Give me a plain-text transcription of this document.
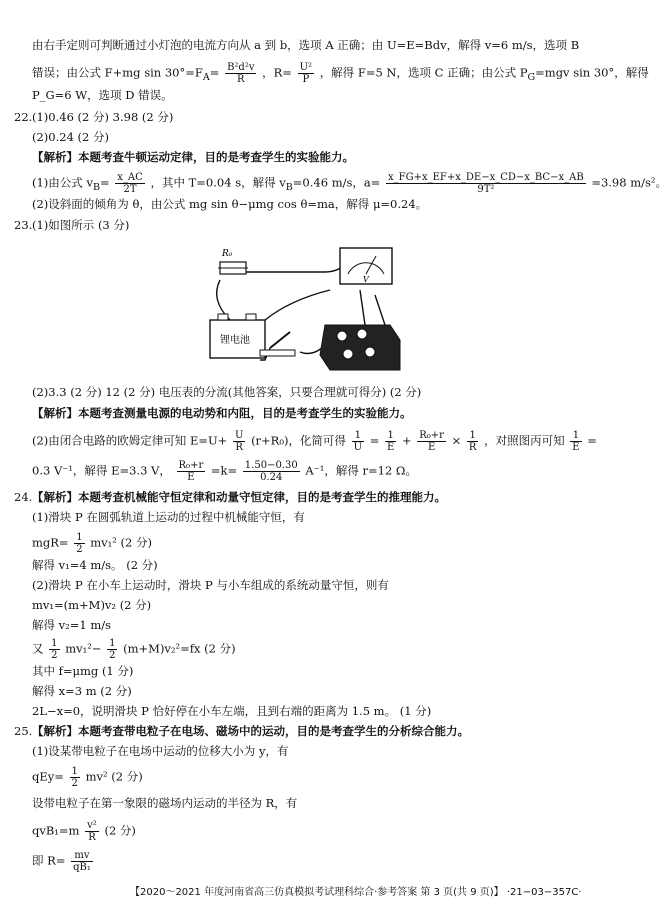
由右手定则可判断通过小灯泡的电流方向从 a 到 b，选项 A 正确；由 U=E=Bdv，解得 v=6 m/s，选项 B
错误；由公式 F+mg $\sin 30^\circ=F_A= \frac{\text{B²d²v}}{R}$ ，$R= \frac{\text{U²}}{P}$ ，解得 F=5 N，选项 C 正确；由公式 $P_G=mgv$ sin 30°，解得
P_G=6 W，选项 D 错误。
22. (1)0.46 (2 分) 3.98 (2 分)
(2)0.24 (2 分)
【解析】本题考查牛顿运动定律，目的是考查学生的实验能力。
(1)由公式 $v_B= \frac{x\_AC}{2T}$ ，其中 T=0.04 s，解得 $v_B=0.46$ m/s，$a= \frac{x\_FG+x\_EF+x\_DE-x\_CD-x\_BC-x\_AB}{\text{9T²}} =3.98$ m/s²。
(2)设斜面的倾角为 θ，由公式 mg sin θ−μmg cos θ=ma，解得 μ=0.24。
23. (1)如图所示 (3 分)
R₀
锂电池
V
(2)3.3 (2 分) 12 (2 分) 电压表的分流(其他答案，只要合理就可得分) (2 分)
【解析】本题考查测量电源的电动势和内阻，目的是考查学生的实验能力。
(2)由闭合电路的欧姆定律可知 $E=U+ \frac{U}{R} (r+R_0)$，化简可得 $\frac{1}{U} = \frac{1}{E} + \frac{\text{R₀+r}}{E} \times \frac{1}{R}$ ，对照图丙可知 $\frac{1}{E}$ =
0.3 V⁻¹，解得 E=3.3 V， $\frac{\text{R₀+r}}{E} =k= \frac{1.50-0.30}{0.24} A^{-1}$，解得 r=12 Ω。
24. 【解析】本题考查机械能守恒定律和动量守恒定律，目的是考查学生的推理能力。
(1)滑块 P 在圆弧轨道上运动的过程中机械能守恒，有
$mgR= \frac{1}{2} mv_1^2$ (2 分)
解得 v₁=4 m/s。 (2 分)
(2)滑块 P 在小车上运动时，滑块 P 与小车组成的系统动量守恒，则有
mv₁=(m+M)v₂ (2 分)
解得 v₂=1 m/s
又 $\frac{1}{2} mv_1^2- \frac{1}{2} (m+M)v_2^2=fx$ (2 分)
其中 f=μmg (1 分)
解得 x=3 m (2 分)
2L−x=0，说明滑块 P 恰好停在小车左端，且到右端的距离为 1.5 m。 (1 分)
25. 【解析】本题考查带电粒子在电场、磁场中的运动，目的是考查学生的分析综合能力。
(1)设某带电粒子在电场中运动的位移大小为 y，有
$qEy= \frac{1}{2} mv^2$ (2 分)
设带电粒子在第一象限的磁场内运动的半径为 R，有
$qvB_1=m \frac{\text{v²}}{R} (2$ 分)
即 $R= \frac{mv}{\text{qB₁}}$
【2020～2021 年度河南省高三仿真模拟考试理科综合·参考答案 第 3 页(共 9 页)】 ·21−03−357C·
